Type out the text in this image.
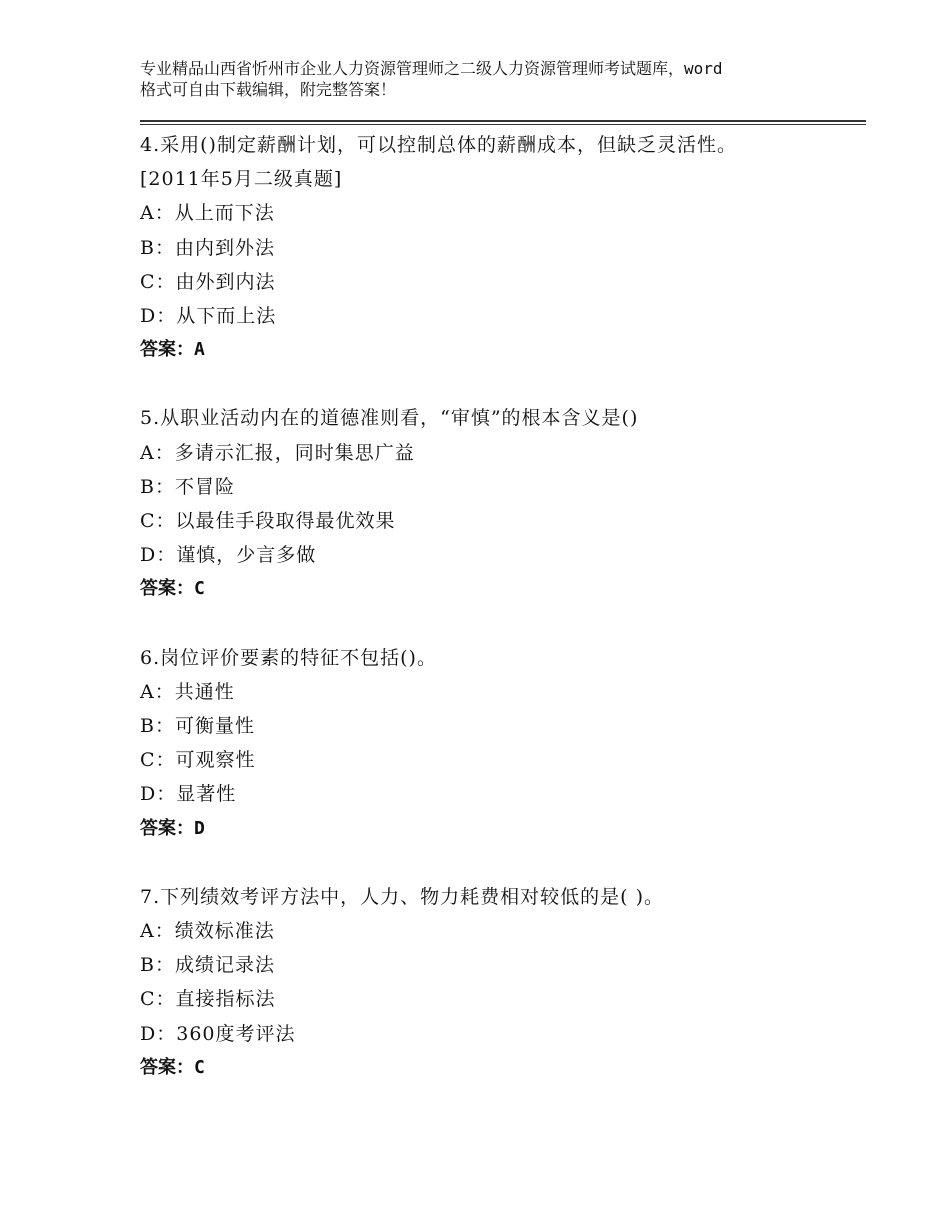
专业精品山西省忻州市企业人力资源管理师之二级人力资源管理师考试题库，word
格式可自由下载编辑，附完整答案！
4.采用()制定薪酬计划，可以控制总体的薪酬成本，但缺乏灵活性。
[2011年5月二级真题]
A：从上而下法
B：由内到外法
C：由外到内法
D：从下而上法
答案：A
5.从职业活动内在的道德准则看，“审慎”的根本含义是()
A：多请示汇报，同时集思广益
B：不冒险
C：以最佳手段取得最优效果
D：谨慎，少言多做
答案：C
6.岗位评价要素的特征不包括()。
A：共通性
B：可衡量性
C：可观察性
D：显著性
答案：D
7.下列绩效考评方法中，人力、物力耗费相对较低的是( )。
A：绩效标准法
B：成绩记录法
C：直接指标法
D：360度考评法
答案：C
